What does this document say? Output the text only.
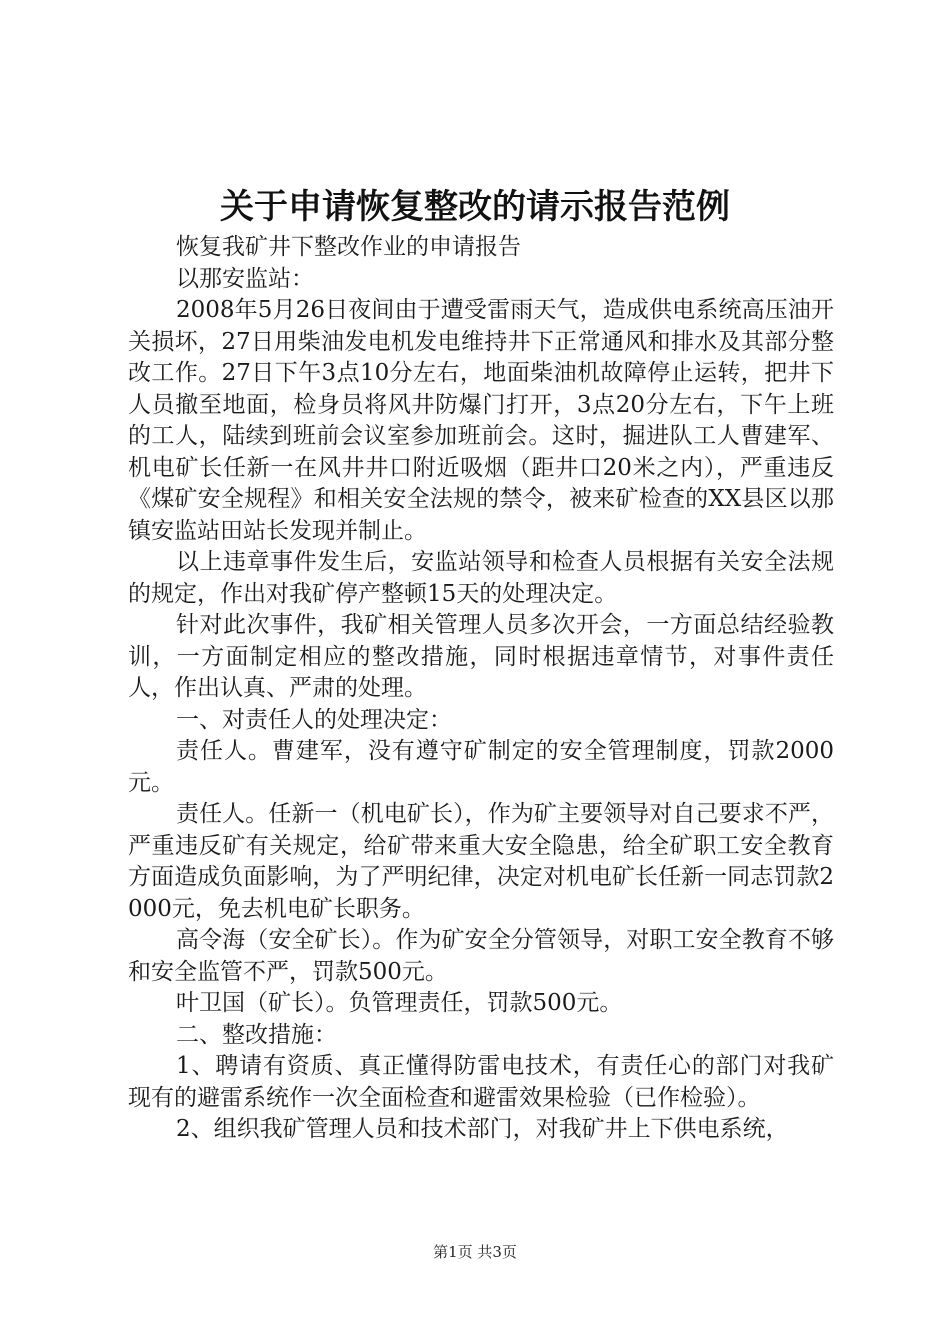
关于申请恢复整改的请示报告范例

恢复我矿井下整改作业的申请报告

以那安监站：

2008年5月26日夜间由于遭受雷雨天气，造成供电系统高压油开关损坏，27日用柴油发电机发电维持井下正常通风和排水及其部分整改工作。27日下午3点10分左右，地面柴油机故障停止运转，把井下人员撤至地面，检身员将风井防爆门打开，3点20分左右，下午上班的工人，陆续到班前会议室参加班前会。这时，掘进队工人曹建军、机电矿长任新一在风井井口附近吸烟（距井口20米之内），严重违反《煤矿安全规程》和相关安全法规的禁令，被来矿检查的XX县区以那镇安监站田站长发现并制止。

以上违章事件发生后，安监站领导和检查人员根据有关安全法规的规定，作出对我矿停产整顿15天的处理决定。

针对此次事件，我矿相关管理人员多次开会，一方面总结经验教训，一方面制定相应的整改措施，同时根据违章情节，对事件责任人，作出认真、严肃的处理。

一、对责任人的处理决定：

责任人。曹建军，没有遵守矿制定的安全管理制度，罚款2000元。

责任人。任新一（机电矿长），作为矿主要领导对自己要求不严，严重违反矿有关规定，给矿带来重大安全隐患，给全矿职工安全教育方面造成负面影响，为了严明纪律，决定对机电矿长任新一同志罚款2000元，免去机电矿长职务。

高令海（安全矿长）。作为矿安全分管领导，对职工安全教育不够和安全监管不严，罚款500元。

叶卫国（矿长）。负管理责任，罚款500元。

二、整改措施：

1、聘请有资质、真正懂得防雷电技术，有责任心的部门对我矿现有的避雷系统作一次全面检查和避雷效果检验（已作检验）。

2、组织我矿管理人员和技术部门，对我矿井上下供电系统，

第1页 共3页
